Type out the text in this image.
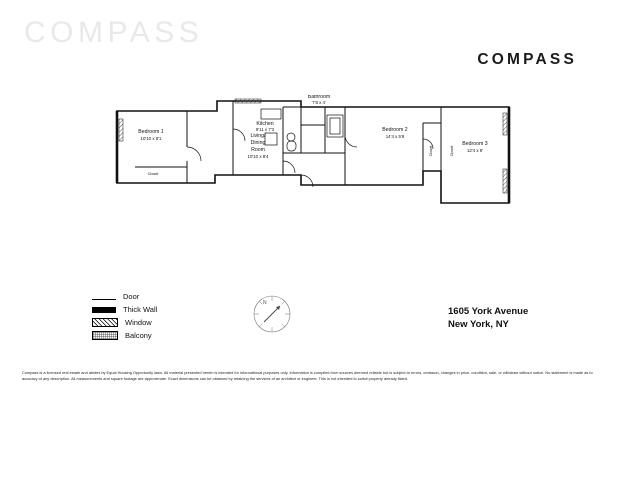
COMPASS
COMPASS
Bedroom 1
10'10 x 8'1
Closet
Living/
Dining
Room
10'10 x 8'4
Kitchen
9'11 x 7'3
Bathroom
7'8 x 4'
Bedroom 2
14'4 x 5'8
Bedroom 3
12'4 x 9'
Closet	Closet
Door
Thick Wall
Window
Balcony
N
1605 York Avenue
New York, NY
Compass is a licensed real estate and abides by Equal Housing Opportunity laws. All material presented herein is intended for informational purposes only. Information is compiled from sources deemed reliable but is subject to errors, omission, changes in price, condition, sale, or withdraw without notice. No statement is made as to accuracy of any description. All measurements and square footage are approximate. Exact dimensions can be obtained by retaining the services of an architect or engineer. This is not intended to solicit property already listed.
